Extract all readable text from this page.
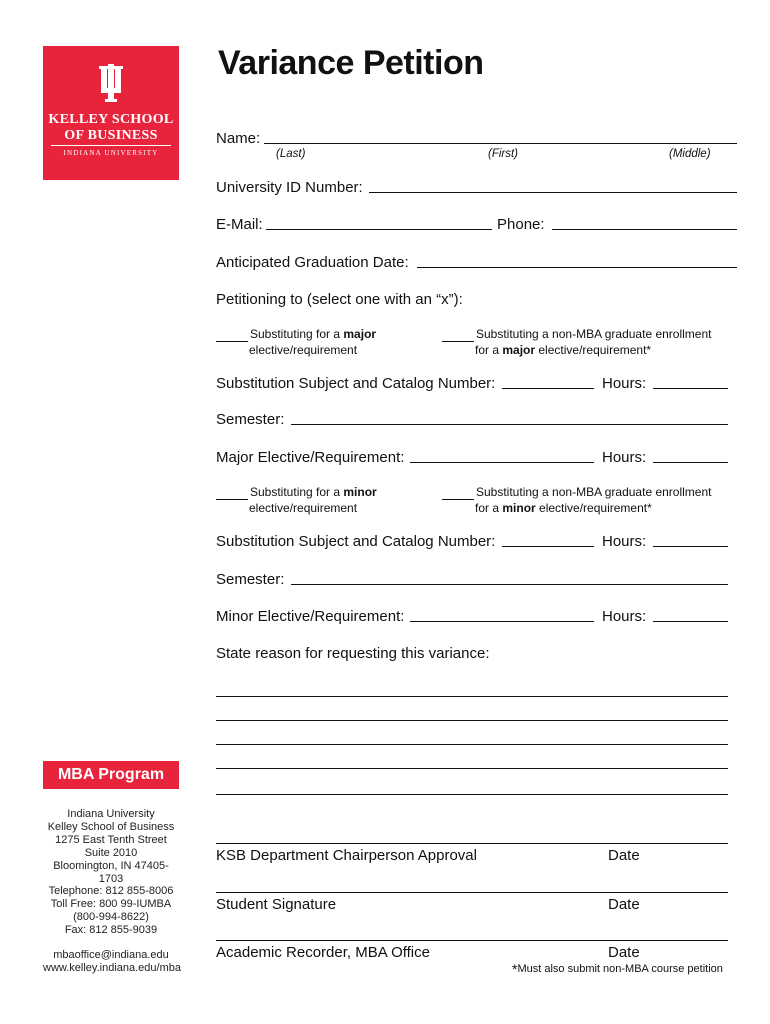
KELLEY SCHOOL
OF BUSINESS
INDIANA UNIVERSITY
Variance Petition
Name:
(Last)	(First)	(Middle)
University ID Number:
E-Mail:	Phone:
Anticipated Graduation Date:
Petitioning to (select one with an “x”):
Substituting for a major
elective/requirement
Substituting a non-MBA graduate enrollment
for a major elective/requirement*
Substitution Subject and Catalog Number:	Hours:
Semester:
Major Elective/Requirement:	Hours:
Substituting for a minor
elective/requirement
Substituting a non-MBA graduate enrollment
for a minor elective/requirement*
Substitution Subject and Catalog Number:	Hours:
Semester:
Minor Elective/Requirement:	Hours:
State reason for requesting this variance:
KSB Department Chairperson Approval	Date
Student Signature	Date
Academic Recorder, MBA Office	Date
*Must also submit non-MBA course petition
MBA Program
Indiana University
Kelley School of Business
1275 East Tenth Street
Suite 2010
Bloomington, IN 47405-1703
Telephone: 812 855-8006
Toll Free: 800 99-IUMBA
(800-994-8622)
Fax: 812 855-9039
mbaoffice@indiana.edu
www.kelley.indiana.edu/mba
